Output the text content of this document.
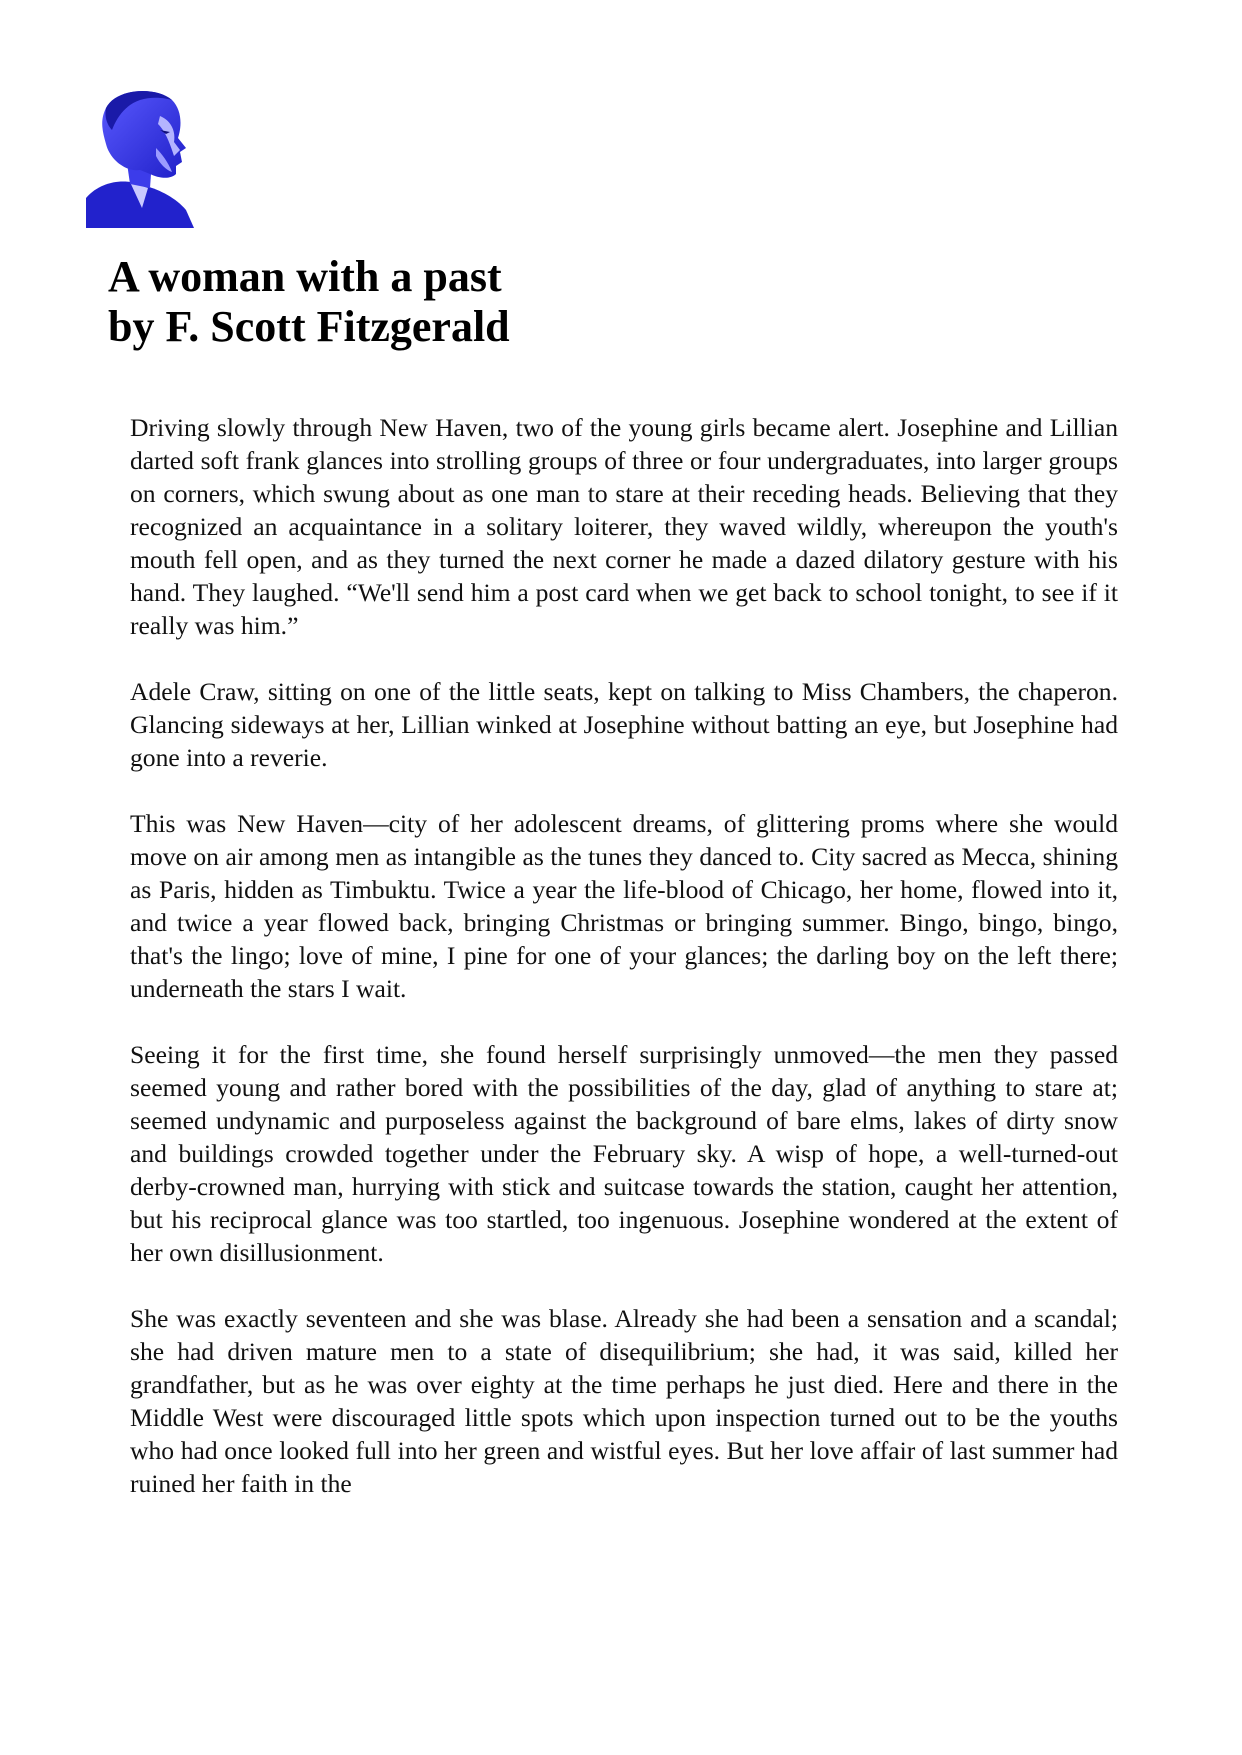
A woman with a past
by F. Scott Fitzgerald

Driving slowly through New Haven, two of the young girls became alert. Josephine and Lillian darted soft frank glances into strolling groups of three or four undergraduates, into larger groups on corners, which swung about as one man to stare at their receding heads. Believing that they recognized an acquaintance in a solitary loiterer, they waved wildly, whereupon the youth's mouth fell open, and as they turned the next corner he made a dazed dilatory gesture with his hand. They laughed. “We'll send him a post card when we get back to school tonight, to see if it really was him.”

Adele Craw, sitting on one of the little seats, kept on talking to Miss Chambers, the chaperon. Glancing sideways at her, Lillian winked at Josephine without batting an eye, but Josephine had gone into a reverie.

This was New Haven—city of her adolescent dreams, of glittering proms where she would move on air among men as intangible as the tunes they danced to. City sacred as Mecca, shining as Paris, hidden as Timbuktu. Twice a year the life-blood of Chicago, her home, flowed into it, and twice a year flowed back, bringing Christmas or bringing summer. Bingo, bingo, bingo, that's the lingo; love of mine, I pine for one of your glances; the darling boy on the left there; underneath the stars I wait.

Seeing it for the first time, she found herself surprisingly unmoved—the men they passed seemed young and rather bored with the possibilities of the day, glad of anything to stare at; seemed undynamic and purposeless against the background of bare elms, lakes of dirty snow and buildings crowded together under the February sky. A wisp of hope, a well-turned-out derby-crowned man, hurrying with stick and suitcase towards the station, caught her attention, but his reciprocal glance was too startled, too ingenuous. Josephine wondered at the extent of her own disillusionment.

She was exactly seventeen and she was blase. Already she had been a sensation and a scandal; she had driven mature men to a state of disequilibrium; she had, it was said, killed her grandfather, but as he was over eighty at the time perhaps he just died. Here and there in the Middle West were discouraged little spots which upon inspection turned out to be the youths who had once looked full into her green and wistful eyes. But her love affair of last summer had ruined her faith in the
